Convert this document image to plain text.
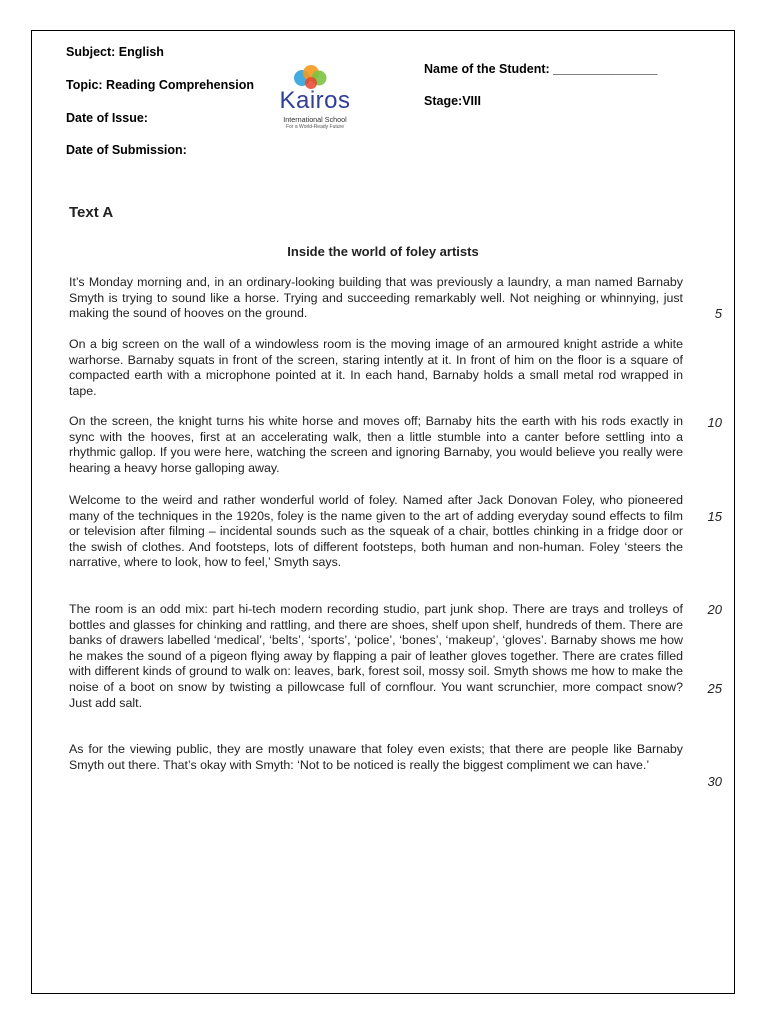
Subject: English
Topic: Reading Comprehension
Date of Issue:
Date of Submission:
Name of the Student: _______________
Stage:VIII
Kairos
International School
For a World-Ready Future
Text A
Inside the world of foley artists
It’s Monday morning and, in an ordinary-looking building that was previously a laundry, a man named Barnaby Smyth is trying to sound like a horse. Trying and succeeding remarkably well. Not neighing or whinnying, just making the sound of hooves on the ground.
On a big screen on the wall of a windowless room is the moving image of an armoured knight astride a white warhorse. Barnaby squats in front of the screen, staring intently at it. In front of him on the floor is a square of compacted earth with a microphone pointed at it. In each hand, Barnaby holds a small metal rod wrapped in tape.
On the screen, the knight turns his white horse and moves off; Barnaby hits the earth with his rods exactly in sync with the hooves, first at an accelerating walk, then a little stumble into a canter before settling into a rhythmic gallop. If you were here, watching the screen and ignoring Barnaby, you would believe you really were hearing a heavy horse galloping away.
Welcome to the weird and rather wonderful world of foley. Named after Jack Donovan Foley, who pioneered many of the techniques in the 1920s, foley is the name given to the art of adding everyday sound effects to film or television after filming – incidental sounds such as the squeak of a chair, bottles chinking in a fridge door or the swish of clothes. And footsteps, lots of different footsteps, both human and non-human. Foley ‘steers the narrative, where to look, how to feel,’ Smyth says.
The room is an odd mix: part hi-tech modern recording studio, part junk shop. There are trays and trolleys of bottles and glasses for chinking and rattling, and there are shoes, shelf upon shelf, hundreds of them. There are banks of drawers labelled ‘medical’, ‘belts’, ‘sports’, ‘police’, ‘bones’, ‘makeup’, ‘gloves’. Barnaby shows me how he makes the sound of a pigeon flying away by flapping a pair of leather gloves together. There are crates filled with different kinds of ground to walk on: leaves, bark, forest soil, mossy soil. Smyth shows me how to make the noise of a boot on snow by twisting a pillowcase full of cornflour. You want scrunchier, more compact snow? Just add salt.
As for the viewing public, they are mostly unaware that foley even exists; that there are people like Barnaby Smyth out there. That’s okay with Smyth: ‘Not to be noticed is really the biggest compliment we can have.’
5
10
15
20
25
30
